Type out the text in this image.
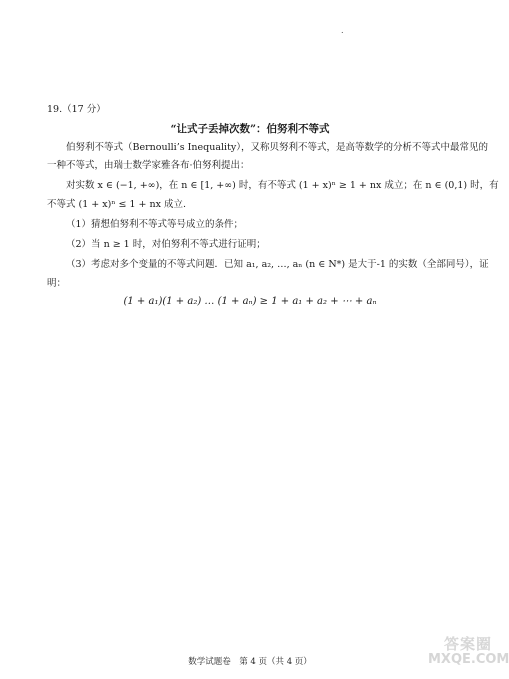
.
19.（17 分）
“让式子丢掉次数”：伯努利不等式
伯努利不等式（Bernoulli’s Inequality），又称贝努利不等式，是高等数学的分析不等式中最常见的
一种不等式，由瑞士数学家雅各布·伯努利提出：
对实数 x ∈ (−1, +∞)，在 n ∈ [1, +∞) 时，有不等式 (1 + x)ⁿ ≥ 1 + nx 成立；在 n ∈ (0,1) 时，有
不等式 (1 + x)ⁿ ≤ 1 + nx 成立.
（1）猜想伯努利不等式等号成立的条件；
（2）当 n ≥ 1 时，对伯努利不等式进行证明；
（3）考虑对多个变量的不等式问题．已知 a₁, a₂, …, aₙ (n ∈ N*) 是大于-1 的实数（全部同号），证
明：
(1 + a₁)(1 + a₂) … (1 + aₙ) ≥ 1 + a₁ + a₂ + ⋯ + aₙ
数学试题卷　第 4 页（共 4 页）
答案圈
MXQE.COM
